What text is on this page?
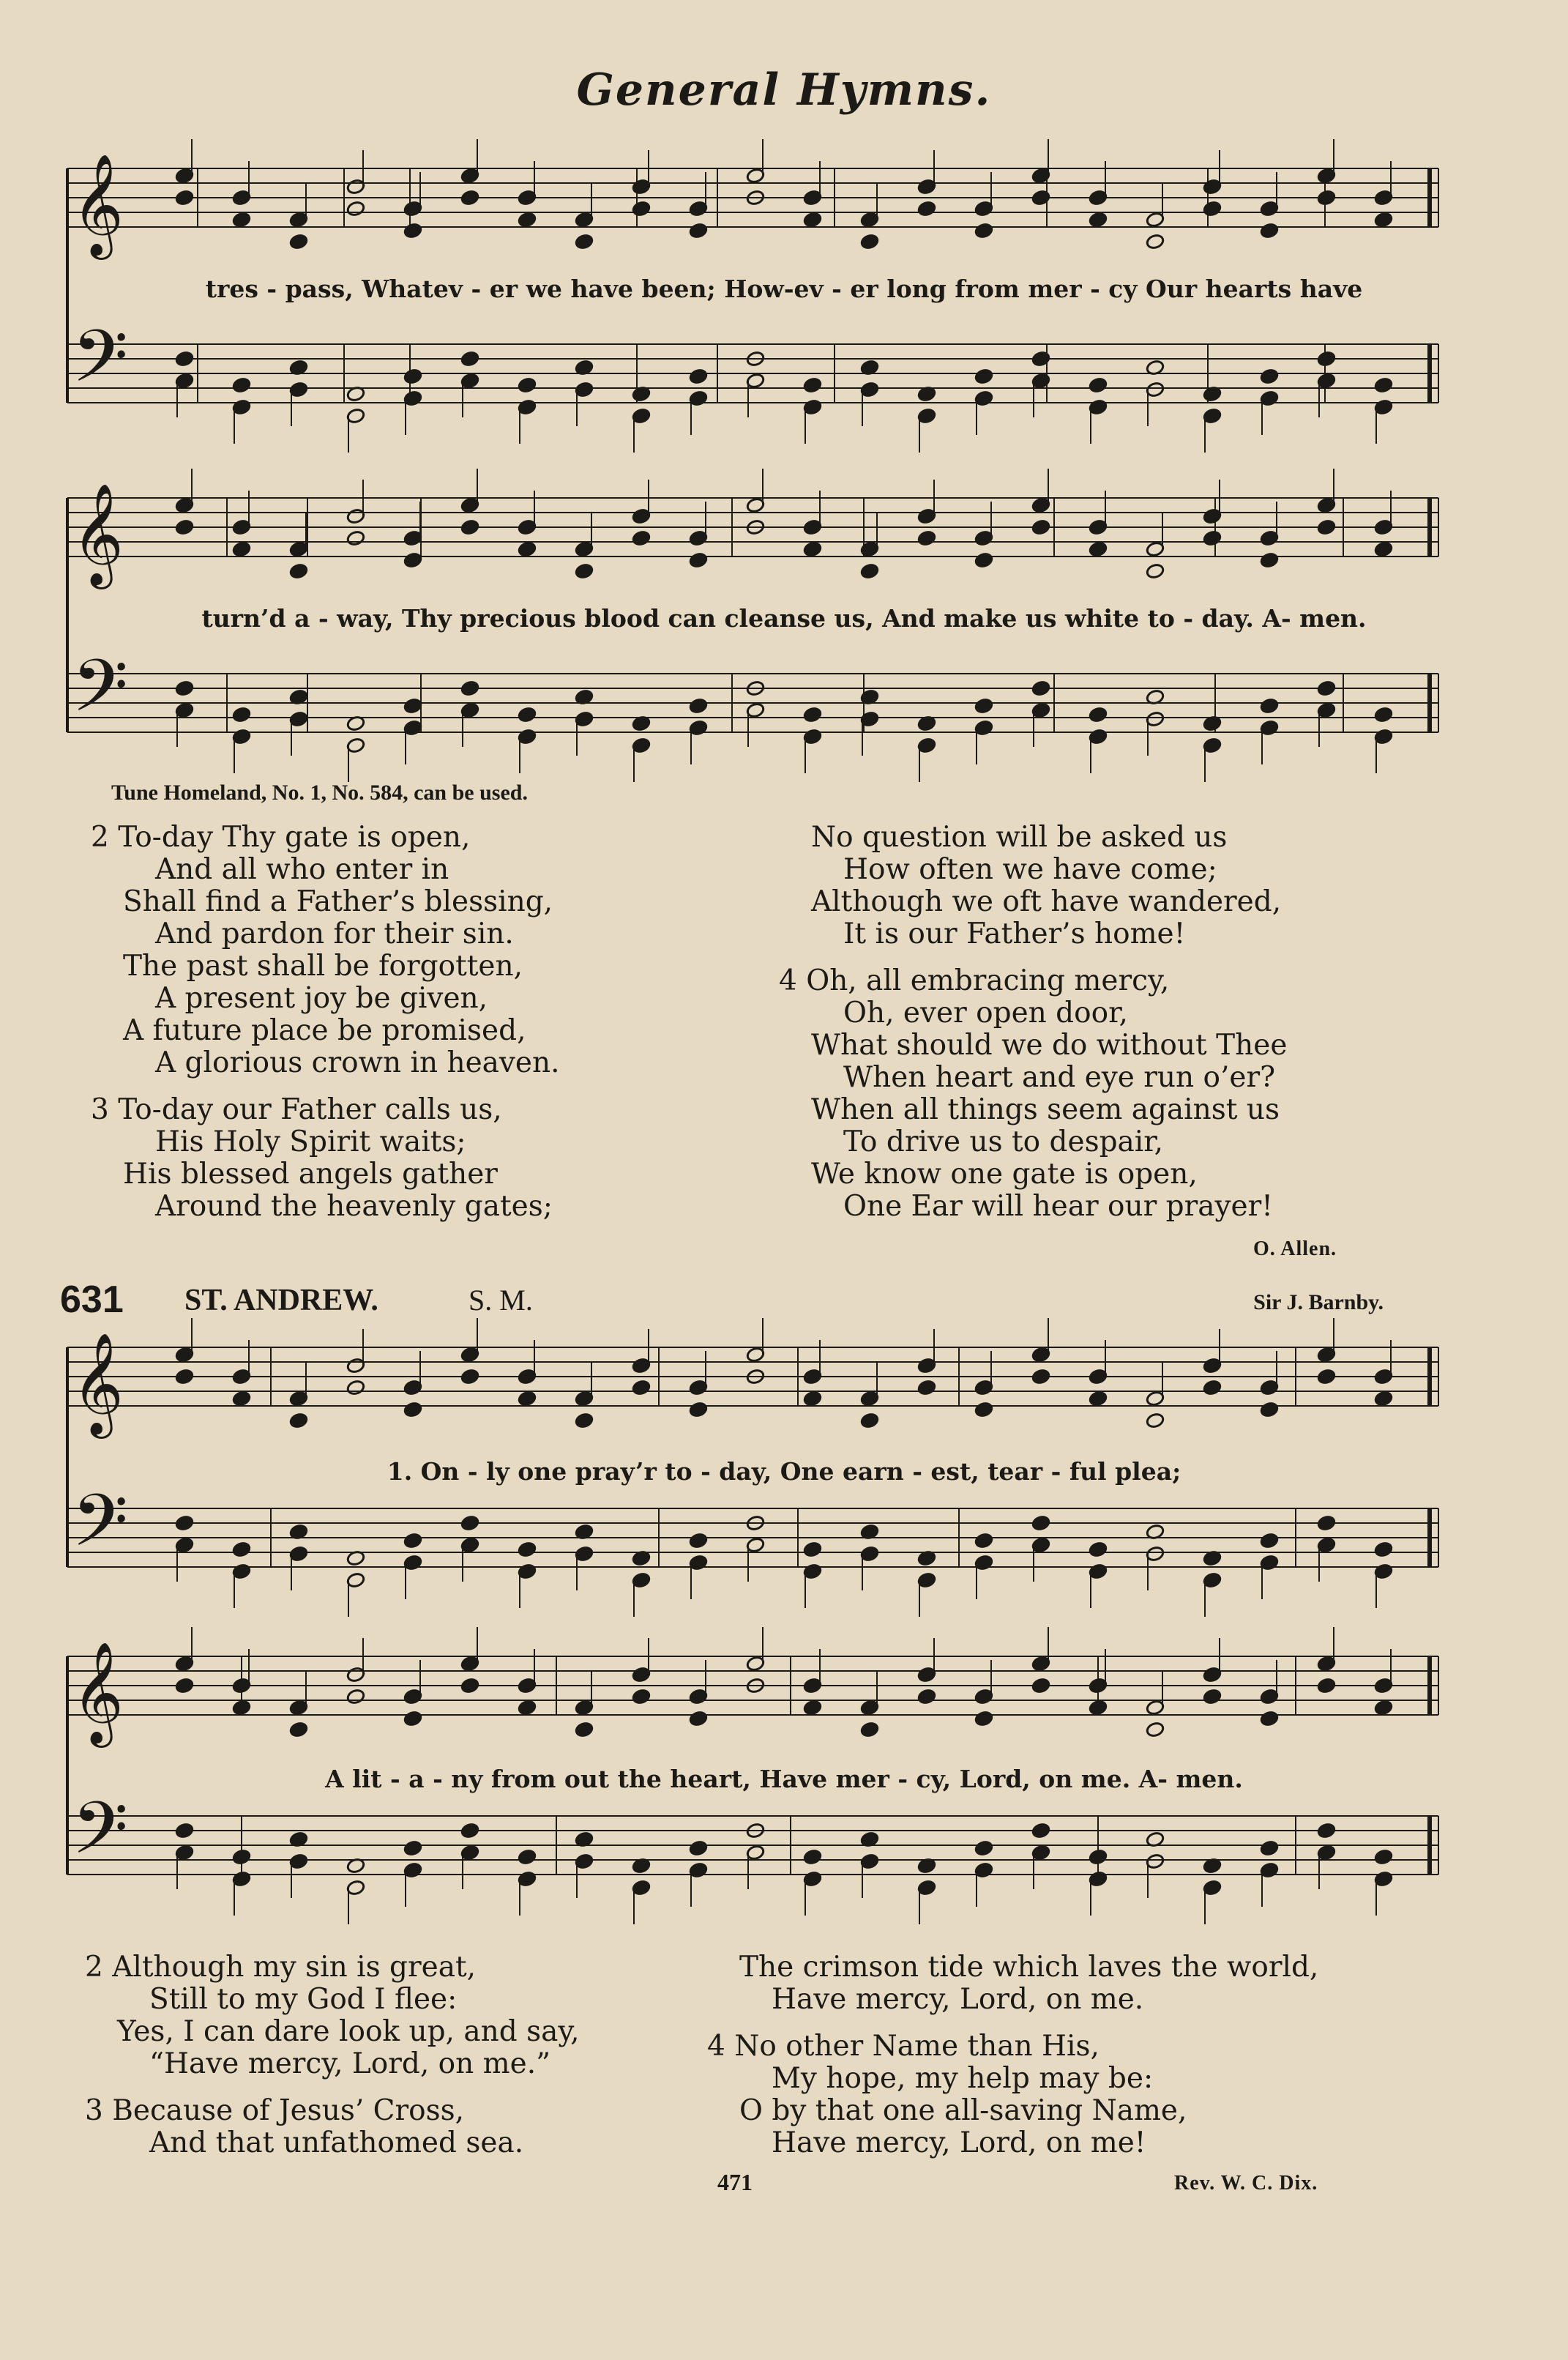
General Hymns.
𝄞
𝄢
𝄞
𝄢
𝄞
𝄢
𝄞
𝄢
tres - pass, Whatev - er we have been; How-ev - er long from mer - cy Our hearts have
turn’d a - way, Thy precious blood can cleanse us, And make us white to - day. A- men.
Tune Homeland, No. 1, No. 584, can be used.
2 To-day Thy gate is open,
And all who enter in
Shall find a Father’s blessing,
And pardon for their sin.
The past shall be forgotten,
A present joy be given,
A future place be promised,
A glorious crown in heaven.
3 To-day our Father calls us,
His Holy Spirit waits;
His blessed angels gather
Around the heavenly gates;
No question will be asked us
How often we have come;
Although we oft have wandered,
It is our Father’s home!
4 Oh, all embracing mercy,
Oh, ever open door,
What should we do without Thee
When heart and eye run o’er?
When all things seem against us
To drive us to despair,
We know one gate is open,
One Ear will hear our prayer!
O. Allen.
631 ST. ANDREW.	S. M.	Sir J. Barnby.
1. On - ly one pray’r to - day, One earn - est, tear - ful plea;
A lit - a - ny from out the heart, Have mer - cy, Lord, on me. A- men.
2 Although my sin is great,
Still to my God I flee:
Yes, I can dare look up, and say,
“Have mercy, Lord, on me.”
3 Because of Jesus’ Cross,
And that unfathomed sea.
The crimson tide which laves the world,
Have mercy, Lord, on me.
4 No other Name than His,
My hope, my help may be:
O by that one all-saving Name,
Have mercy, Lord, on me!
471	Rev. W. C. Dix.
